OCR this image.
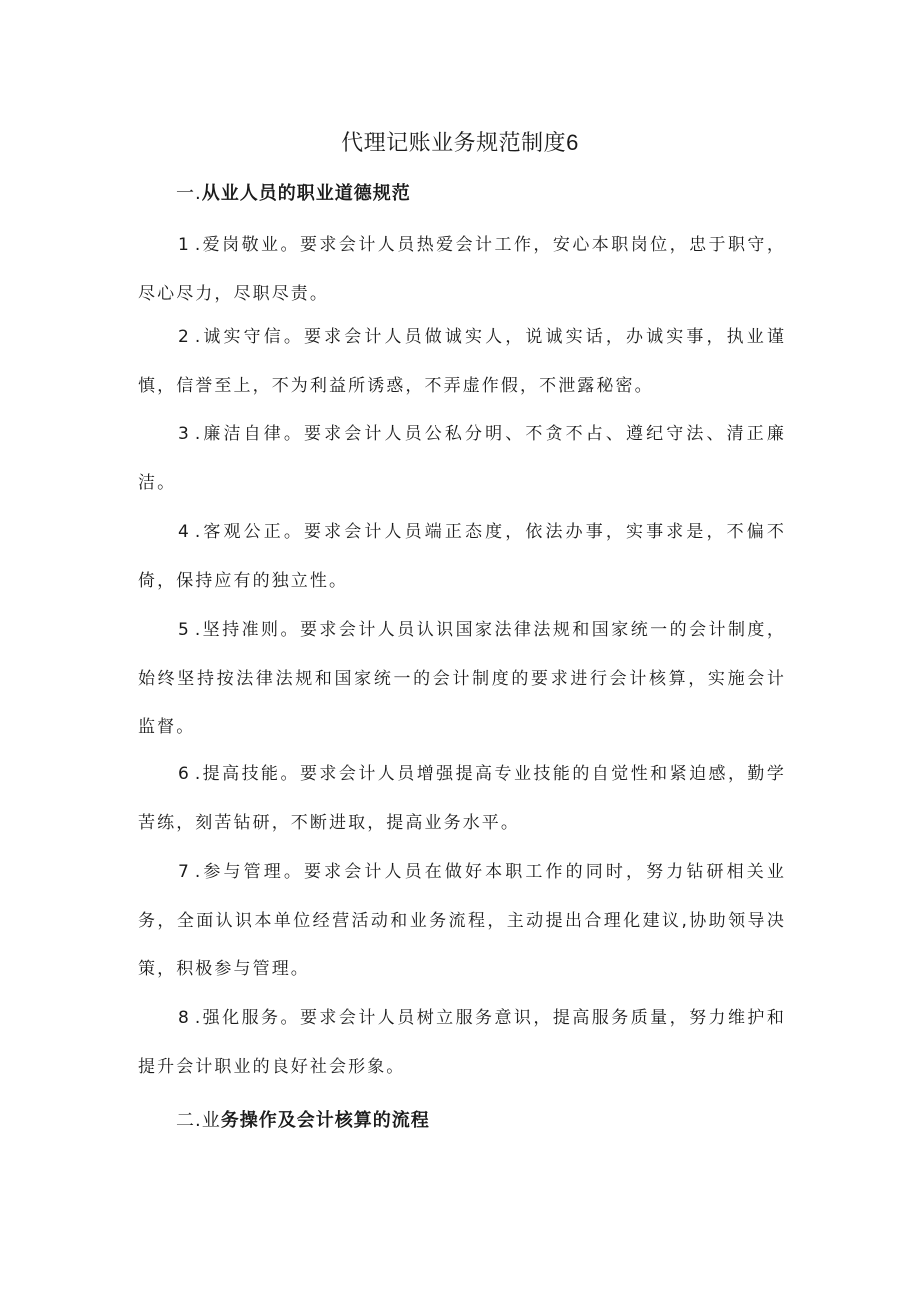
代理记账业务规范制度6
一.从业人员的职业道德规范
1 .爱岗敬业。要求会计人员热爱会计工作，安心本职岗位，忠于职守，尽心尽力，尽职尽责。
2 .诚实守信。要求会计人员做诚实人，说诚实话，办诚实事，执业谨慎，信誉至上，不为利益所诱惑，不弄虚作假，不泄露秘密。
3 .廉洁自律。要求会计人员公私分明、不贪不占、遵纪守法、清正廉洁。
4 .客观公正。要求会计人员端正态度，依法办事，实事求是，不偏不倚，保持应有的独立性。
5 .坚持准则。要求会计人员认识国家法律法规和国家统一的会计制度，始终坚持按法律法规和国家统一的会计制度的要求进行会计核算，实施会计监督。
6 .提高技能。要求会计人员增强提高专业技能的自觉性和紧迫感，勤学苦练，刻苦钻研，不断进取，提高业务水平。
7 .参与管理。要求会计人员在做好本职工作的同时，努力钻研相关业务，全面认识本单位经营活动和业务流程，主动提出合理化建议,协助领导决策，积极参与管理。
8 .强化服务。要求会计人员树立服务意识，提高服务质量，努力维护和提升会计职业的良好社会形象。
二.业务操作及会计核算的流程
